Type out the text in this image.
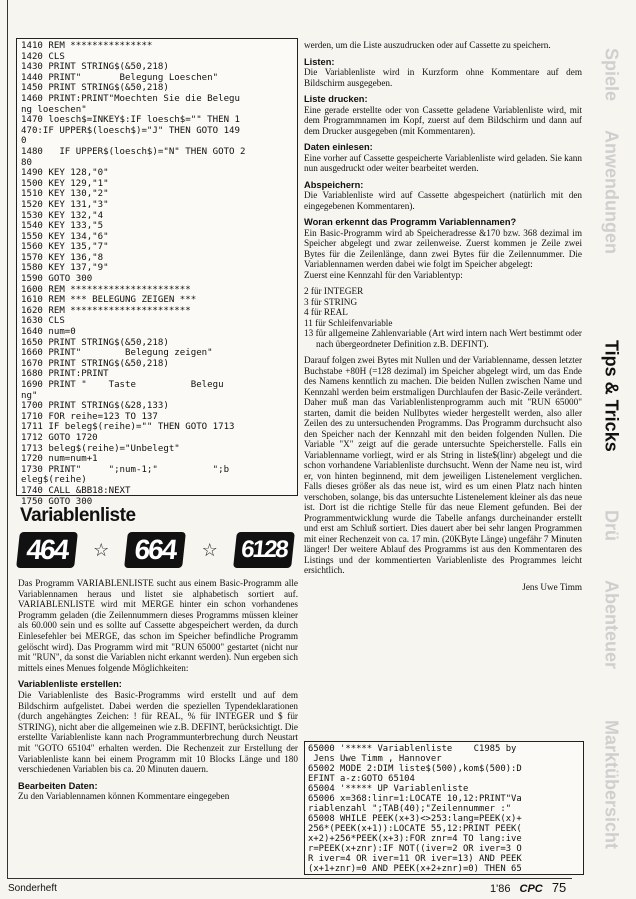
1410 REM ***************
1420 CLS
1430 PRINT STRING$(&50,218)
1440 PRINT"       Belegung Loeschen"
1450 PRINT STRING$(&50,218)
1460 PRINT:PRINT"Moechten Sie die Belegu
ng loeschen"
1470 loesch$=INKEY$:IF loesch$="" THEN 1
470:IF UPPER$(loesch$)="J" THEN GOTO 149
0
1480   IF UPPER$(loesch$)="N" THEN GOTO 2
80
1490 KEY 128,"0"
1500 KEY 129,"1"
1510 KEY 130,"2"
1520 KEY 131,"3"
1530 KEY 132,"4
1540 KEY 133,"5
1550 KEY 134,"6"
1560 KEY 135,"7"
1570 KEY 136,"8
1580 KEY 137,"9"
1590 GOTO 300
1600 REM **********************
1610 REM *** BELEGUNG ZEIGEN ***
1620 REM **********************
1630 CLS
1640 num=0
1650 PRINT STRING$(&50,218)
1660 PRINT"        Belegung zeigen"
1670 PRINT STRING$(&50,218)
1680 PRINT:PRINT
1690 PRINT "    Taste          Belegu
ng"
1700 PRINT STRING$(&28,133)
1710 FOR reihe=123 TO 137
1711 IF beleg$(reihe)="" THEN GOTO 1713
1712 GOTO 1720
1713 beleg$(reihe)="Unbelegt"
1720 num=num+1
1730 PRINT"     ";num-1;"          ";b
eleg$(reihe)
1740 CALL &BB18:NEXT
1750 GOTO 300
Variablenliste
464	☆ 664	☆ 6128

Das Programm VARIABLENLISTE sucht aus einem Basic-Programm alle Variablennamen heraus und listet sie alphabetisch sortiert auf. VARIABLENLISTE wird mit MERGE hinter ein schon vorhandenes Programm geladen (die Zeilennummern dieses Programms müssen kleiner als 60.000 sein und es sollte auf Cassette abgespeichert werden, da durch Einlesefehler bei MERGE, das schon im Speicher befindliche Programm gelöscht wird). Das Programm wird mit "RUN 65000" gestartet (nicht nur mit "RUN", da sonst die Variablen nicht erkannt werden). Nun ergeben sich mittels eines Menues folgende Möglichkeiten:

Variablenliste erstellen:

Die Variablenliste des Basic-Programms wird erstellt und auf dem Bildschirm aufgelistet. Dabei werden die speziellen Typendeklarationen (durch angehängtes Zeichen: ! für REAL, % für INTEGER und $ für STRING), nicht aber die allgemeinen wie z.B. DEFINT, berücksichtigt. Die erstellte Variablenliste kann nach Programmunterbrechung durch Neustart mit "GOTO 65104" erhalten werden. Die Rechenzeit zur Erstellung der Variablenliste kann bei einem Programm mit 10 Blocks Länge und 180 verschiedenen Variablen bis ca. 20 Minuten dauern.

Bearbeiten Daten:

Zu den Variablennamen können Kommentare eingegeben

werden, um die Liste auszudrucken oder auf Cassette zu speichern.

Listen:

Die Variablenliste wird in Kurzform ohne Kommentare auf dem Bildschirm ausgegeben.

Liste drucken:

Eine gerade erstellte oder von Cassette geladene Variablenliste wird, mit dem Programmnamen im Kopf, zuerst auf dem Bildschirm und dann auf dem Drucker ausgegeben (mit Kommentaren).

Daten einlesen:

Eine vorher auf Cassette gespeicherte Variablenliste wird geladen. Sie kann nun ausgedruckt oder weiter bearbeitet werden.

Abspeichern:

Die Variablenliste wird auf Cassette abgespeichert (natürlich mit den eingegebenen Kommentaren).

Woran erkennt das Programm Variablennamen?

Ein Basic-Programm wird ab Speicheradresse &170 bzw. 368 dezimal im Speicher abgelegt und zwar zeilenweise. Zuerst kommen je Zeile zwei Bytes für die Zeilenlänge, dann zwei Bytes für die Zeilennummer. Die Variablennamen werden dabei wie folgt im Speicher abgelegt:

Zuerst eine Kennzahl für den Variablentyp:

2 für INTEGER
3 für STRING
4 für REAL
11 für Schleifenvariable
13 für allgemeine Zahlenvariable (Art wird intern nach Wert bestimmt oder nach übergeordneter Definition z.B. DEFINT).

Darauf folgen zwei Bytes mit Nullen und der Variablenname, dessen letzter Buchstabe +80H (=128 dezimal) im Speicher abgelegt wird, um das Ende des Namens kenntlich zu machen. Die beiden Nullen zwischen Name und Kennzahl werden beim erstmaligen Durchlaufen der Basic-Zeile verändert. Daher muß man das Variablenlistenprogramm auch mit "RUN 65000" starten, damit die beiden Nullbytes wieder hergestellt werden, also aller Zeilen des zu untersuchenden Programms. Das Programm durchsucht also den Speicher nach der Kennzahl mit den beiden folgenden Nullen. Die Variable "X" zeigt auf die gerade untersuchte Speicherstelle. Falls ein Variablenname vorliegt, wird er als String in liste$(linr) abgelegt und die schon vorhandene Variablenliste durchsucht. Wenn der Name neu ist, wird er, von hinten beginnend, mit dem jeweiligen Listenelement verglichen. Falls dieses größer als das neue ist, wird es um einen Platz nach hinten verschoben, solange, bis das untersuchte Listenelement kleiner als das neue ist. Dort ist die richtige Stelle für das neue Element gefunden. Bei der Programmentwicklung wurde die Tabelle anfangs durcheinander erstellt und erst am Schluß sortiert. Dies dauert aber bei sehr langen Programmen mit einer Rechenzeit von ca. 17 min. (20KByte Länge) ungefähr 7 Minuten länger! Der weitere Ablauf des Programms ist aus den Kommentaren des Listings und der kommentierten Variablenliste des Programmes leicht ersichtlich.

Jens Uwe Timm
65000 '***** Variablenliste    C1985 by
Jens Uwe Timm , Hannover
65002 MODE 2:DIM liste$(500),kom$(500):D
EFINT a-z:GOTO 65104
65004 '***** UP Variablenliste
65006 x=368:linr=1:LOCATE 10,12:PRINT"Va
riablenzahl ";TAB(40);"Zeilennummer :"
65008 WHILE PEEK(x+3)<>253:lang=PEEK(x)+
256*(PEEK(x+1)):LOCATE 55,12:PRINT PEEK(
x+2)+256*PEEK(x+3):FOR znr=4 TO lang:ive
r=PEEK(x+znr):IF NOT((iver=2 OR iver=3 O
R iver=4 OR iver=11 OR iver=13) AND PEEK
(x+1+znr)=0 AND PEEK(x+2+znr)=0) THEN 65
Spiele
Anwendungen
Tips & Tricks
Drü
Abenteuer
Marktübersicht
Sonderheft	1'86 CPC 75
